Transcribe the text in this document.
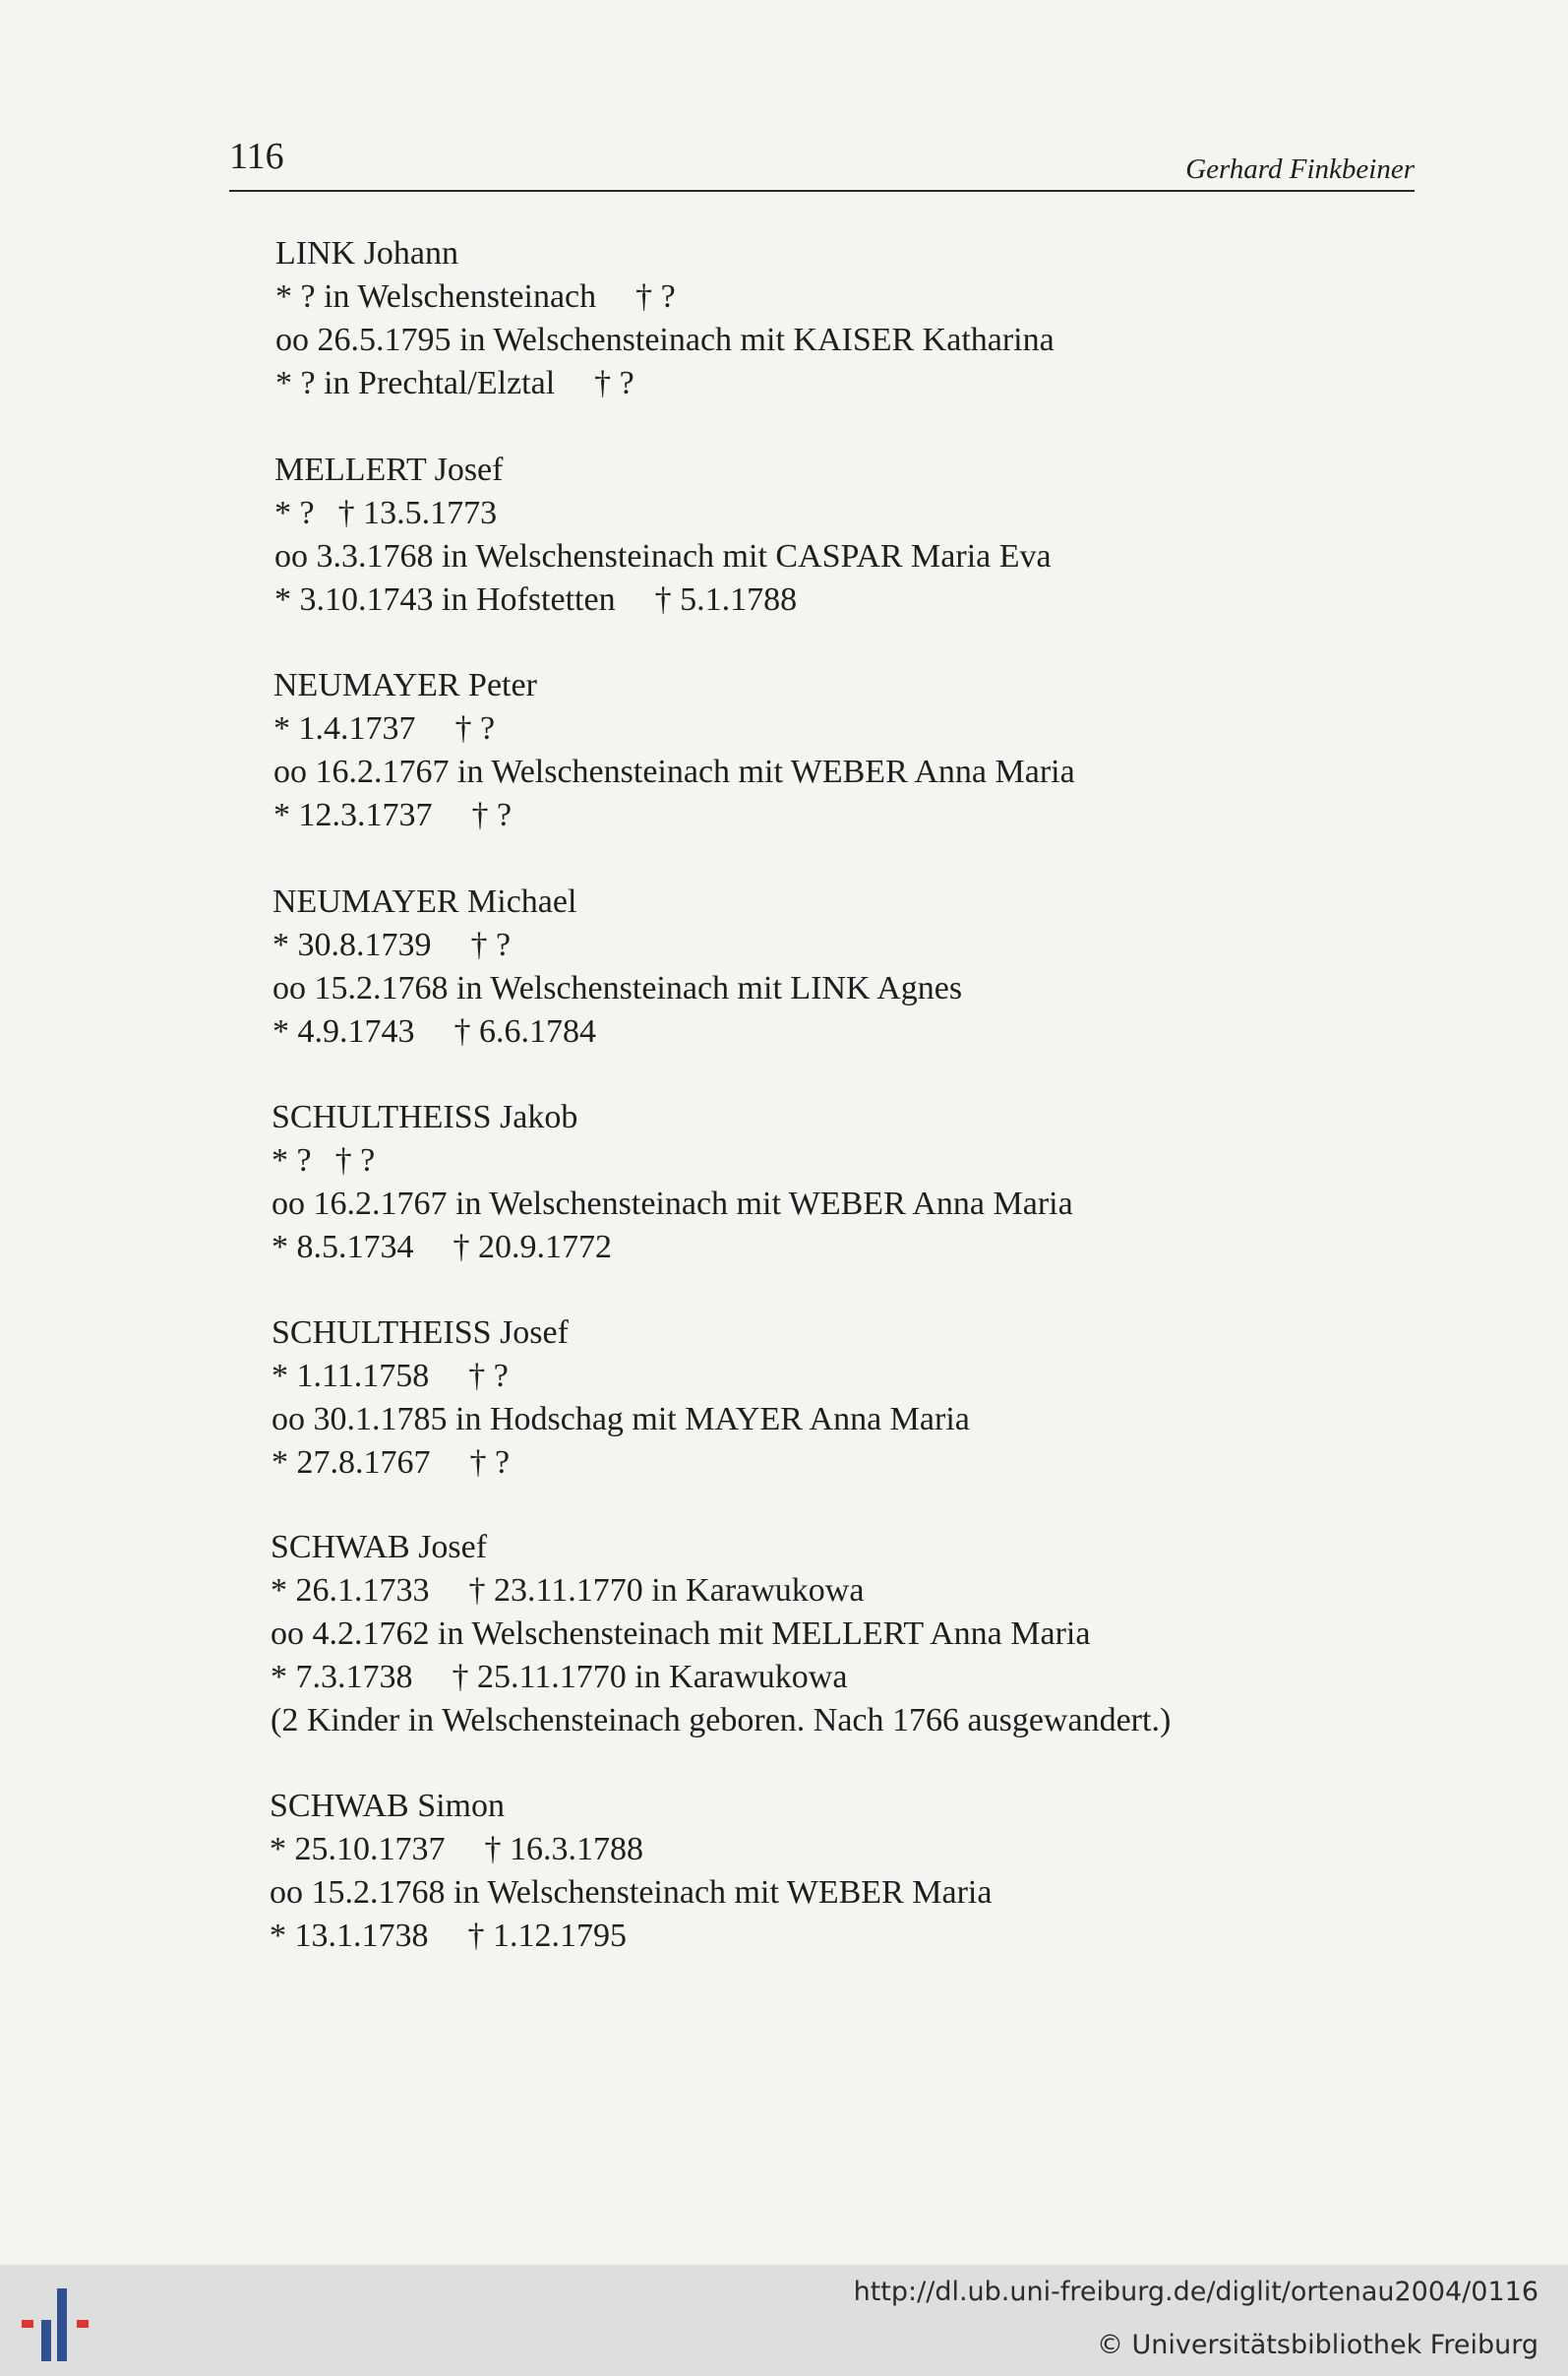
116	Gerhard Finkbeiner
LINK Johann
* ? in Welschensteinach † ?
oo 26.5.1795 in Welschensteinach mit KAISER Katharina
* ? in Prechtal/Elztal † ?
MELLERT Josef
* ? † 13.5.1773
oo 3.3.1768 in Welschensteinach mit CASPAR Maria Eva
* 3.10.1743 in Hofstetten † 5.1.1788
NEUMAYER Peter
* 1.4.1737 † ?
oo 16.2.1767 in Welschensteinach mit WEBER Anna Maria
* 12.3.1737 † ?
NEUMAYER Michael
* 30.8.1739 † ?
oo 15.2.1768 in Welschensteinach mit LINK Agnes
* 4.9.1743 † 6.6.1784
SCHULTHEISS Jakob
* ? † ?
oo 16.2.1767 in Welschensteinach mit WEBER Anna Maria
* 8.5.1734 † 20.9.1772
SCHULTHEISS Josef
* 1.11.1758 † ?
oo 30.1.1785 in Hodschag mit MAYER Anna Maria
* 27.8.1767 † ?
SCHWAB Josef
* 26.1.1733 † 23.11.1770 in Karawukowa
oo 4.2.1762 in Welschensteinach mit MELLERT Anna Maria
* 7.3.1738 † 25.11.1770 in Karawukowa
(2 Kinder in Welschensteinach geboren. Nach 1766 ausgewandert.)
SCHWAB Simon
* 25.10.1737 † 16.3.1788
oo 15.2.1768 in Welschensteinach mit WEBER Maria
* 13.1.1738 † 1.12.1795
http://dl.ub.uni-freiburg.de/diglit/ortenau2004/0116
© Universitätsbibliothek Freiburg
